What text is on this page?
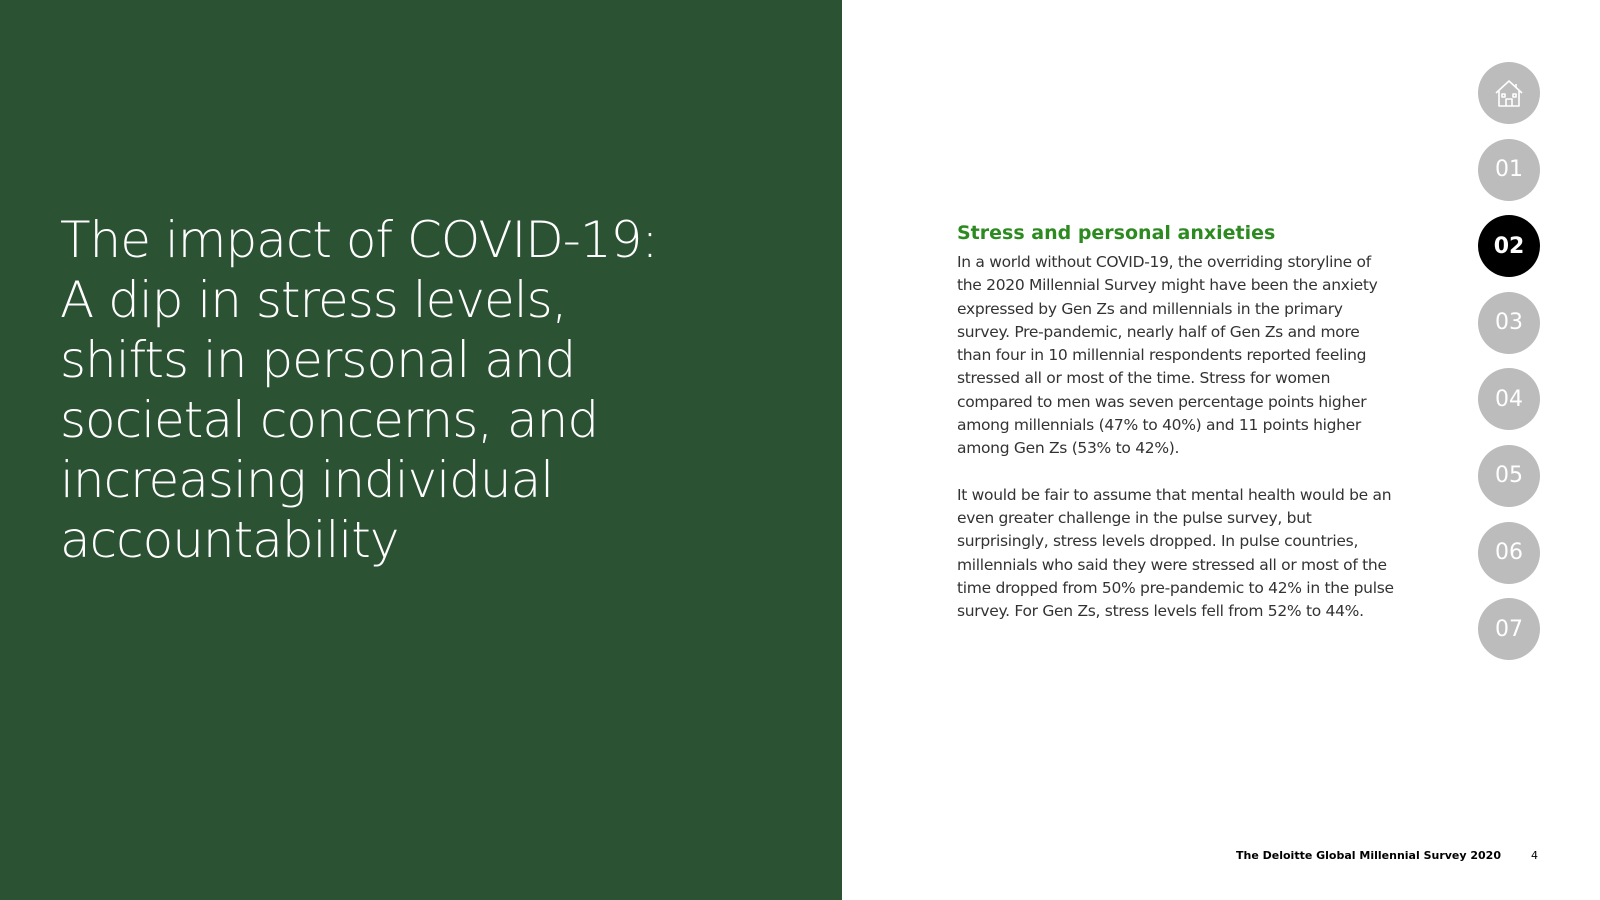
The impact of COVID-19:
A dip in stress levels,
shifts in personal and
societal concerns, and
increasing individual
accountability
Stress and personal anxieties

In a world without COVID-19, the overriding storyline of the 2020 Millennial Survey might have been the anxiety expressed by Gen Zs and millennials in the primary survey. Pre-pandemic, nearly half of Gen Zs and more than four in 10 millennial respondents reported feeling stressed all or most of the time. Stress for women compared to men was seven percentage points higher among millennials (47% to 40%) and 11 points higher among Gen Zs (53% to 42%).

It would be fair to assume that mental health would be an even greater challenge in the pulse survey, but surprisingly, stress levels dropped. In pulse countries, millennials who said they were stressed all or most of the time dropped from 50% pre-pandemic to 42% in the pulse survey. For Gen Zs, stress levels fell from 52% to 44%.

01
02
03
04
05
06
07
The Deloitte Global Millennial Survey 2020	4
